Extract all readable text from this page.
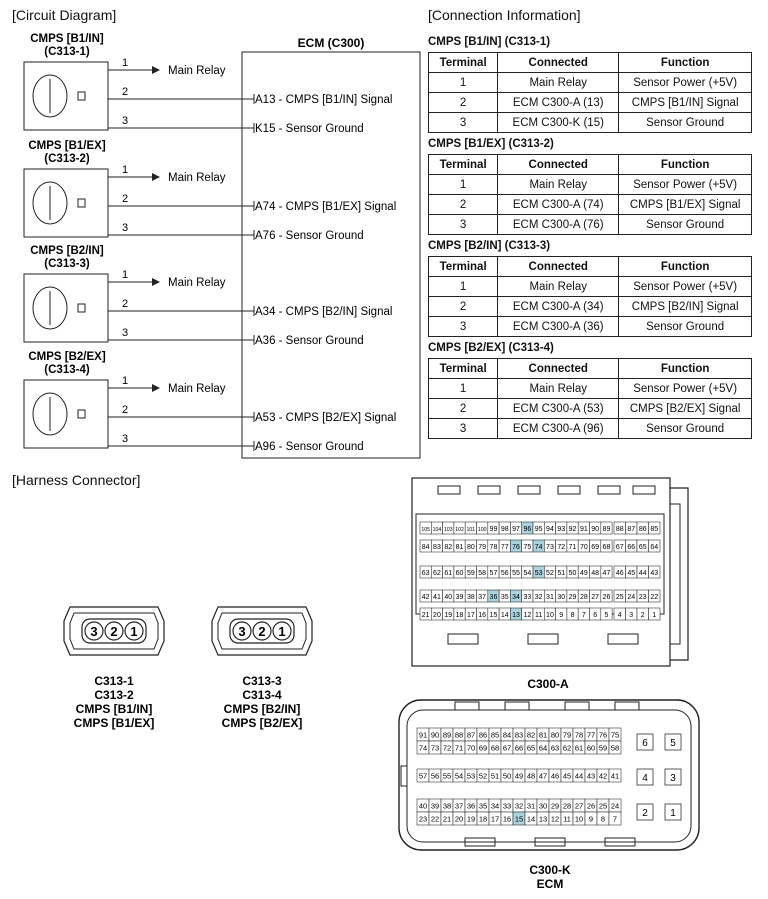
[Circuit Diagram]	[Connection Information]
[Harness Connector]
ECM (C300)
CMPS [B1/IN]
(C313-1)
1
Main Relay
2
A13 - CMPS [B1/IN] Signal
3
K15 - Sensor Ground
CMPS [B1/EX]
(C313-2)
1
Main Relay
2
A74 - CMPS [B1/EX] Signal
3
A76 - Sensor Ground
CMPS [B2/IN]
(C313-3)
1
Main Relay
2
A34 - CMPS [B2/IN] Signal
3
A36 - Sensor Ground
CMPS [B2/EX]
(C313-4)
1
Main Relay
2
A53 - CMPS [B2/EX] Signal
3
A96 - Sensor Ground
CMPS [B1/IN] (C313-1)
Terminal	Connected	Function
1	Main Relay	Sensor Power (+5V)
2	ECM C300-A (13)	CMPS [B1/IN] Signal
3	ECM C300-K (15)	Sensor Ground
CMPS [B1/EX] (C313-2)
Terminal	Connected	Function
1	Main Relay	Sensor Power (+5V)
2	ECM C300-A (74)	CMPS [B1/EX] Signal
3	ECM C300-A (76)	Sensor Ground
CMPS [B2/IN] (C313-3)
Terminal	Connected	Function
1	Main Relay	Sensor Power (+5V)
2	ECM C300-A (34)	CMPS [B2/IN] Signal
3	ECM C300-A (36)	Sensor Ground
CMPS [B2/EX] (C313-4)
Terminal	Connected	Function
1	Main Relay	Sensor Power (+5V)
2	ECM C300-A (53)	CMPS [B2/EX] Signal
3	ECM C300-A (96)	Sensor Ground
3 2 1
C313-1
C313-2
CMPS [B1/IN]
CMPS [B1/EX]
3 2 1
C313-3
C313-4
CMPS [B2/IN]
CMPS [B2/EX]
105 104 103 102 101 100 99 98 97 96 95 94 93 92 91 90 89 88 87 86 85
84 83 82 81 80 79 78 77 76 75 74 73 72 71 70 69 68 67 66 65 64
63 62 61 60 59 58 57 56 55 54 53 52 51 50 49 48 47 46 45 44 43
42 41 40 39 38 37 36 35 34 33 32 31 30 29 28 27 26 25 24 23 22
21 20 19 18 17 16 15 14 13 12 11 10 9 8 7 6 5 4 3 2 1
C300-A
91 90 89 88 87 86 85 84 83 82 81 80 79 78 77 76 75
74 73 72 71 70 69 68 67 66 65 64 63 62 61 60 59 58
57 56 55 54 53 52 51 50 49 48 47 46 45 44 43 42 41
40 39 38 37 36 35 34 33 32 31 30 29 28 27 26 25 24
23 22 21 20 19 18 17 16 15 14 13 12 11 10 9 8 7
6 5
4 3
2 1
C300-K
ECM
